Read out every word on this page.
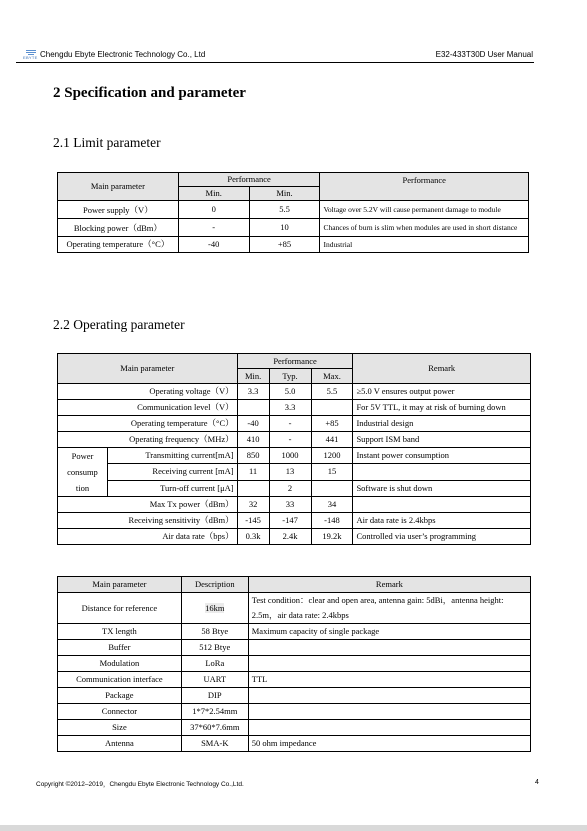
EBYTE Chengdu Ebyte Electronic Technology Co., Ltd	E32-433T30D User Manual
2 Specification and parameter
2.1 Limit parameter
Main parameter	Performance		Performance
	Min.	Min.	
Power supply（V）	0	5.5	Voltage over 5.2V will cause permanent damage to module
Blocking power（dBm）	-	10	Chances of burn is slim when modules are used in short distance
Operating temperature（°C）	-40	+85	Industrial
2.2 Operating parameter
Main parameter		Performance			Remark
		Min.	Typ.	Max.	
Operating voltage（V）		3.3	5.0	5.5	≥5.0 V ensures output power
Communication level（V）			3.3		For 5V TTL, it may at risk of burning down
Operating temperature（°C）		-40	-	+85	Industrial design
Operating frequency（MHz）		410	-	441	Support ISM band
Power
consump
tion	Transmitting current[mA]	850	1000	1200	Instant power consumption
	Receiving current [mA]	11	13	15	
	Turn-off current [μA]		2		Software is shut down
Max Tx power（dBm）		32	33	34	
Receiving sensitivity（dBm）		-145	-147	-148	Air data rate is 2.4kbps
Air data rate（bps）		0.3k	2.4k	19.2k	Controlled via user’s programming
Main parameter	Description	Remark
Distance for reference	16km	Test condition：clear and open area, antenna gain: 5dBi，antenna height: 2.5m，air data rate: 2.4kbps
TX length	58 Btye	Maximum capacity of single package
Buffer	512 Btye	
Modulation	LoRa	
Communication interface	UART	TTL
Package	DIP	
Connector	1*7*2.54mm	
Size	37*60*7.6mm	
Antenna	SMA-K	50 ohm impedance
Copyright ©2012–2019，Chengdu Ebyte Electronic Technology Co.,Ltd.	4
